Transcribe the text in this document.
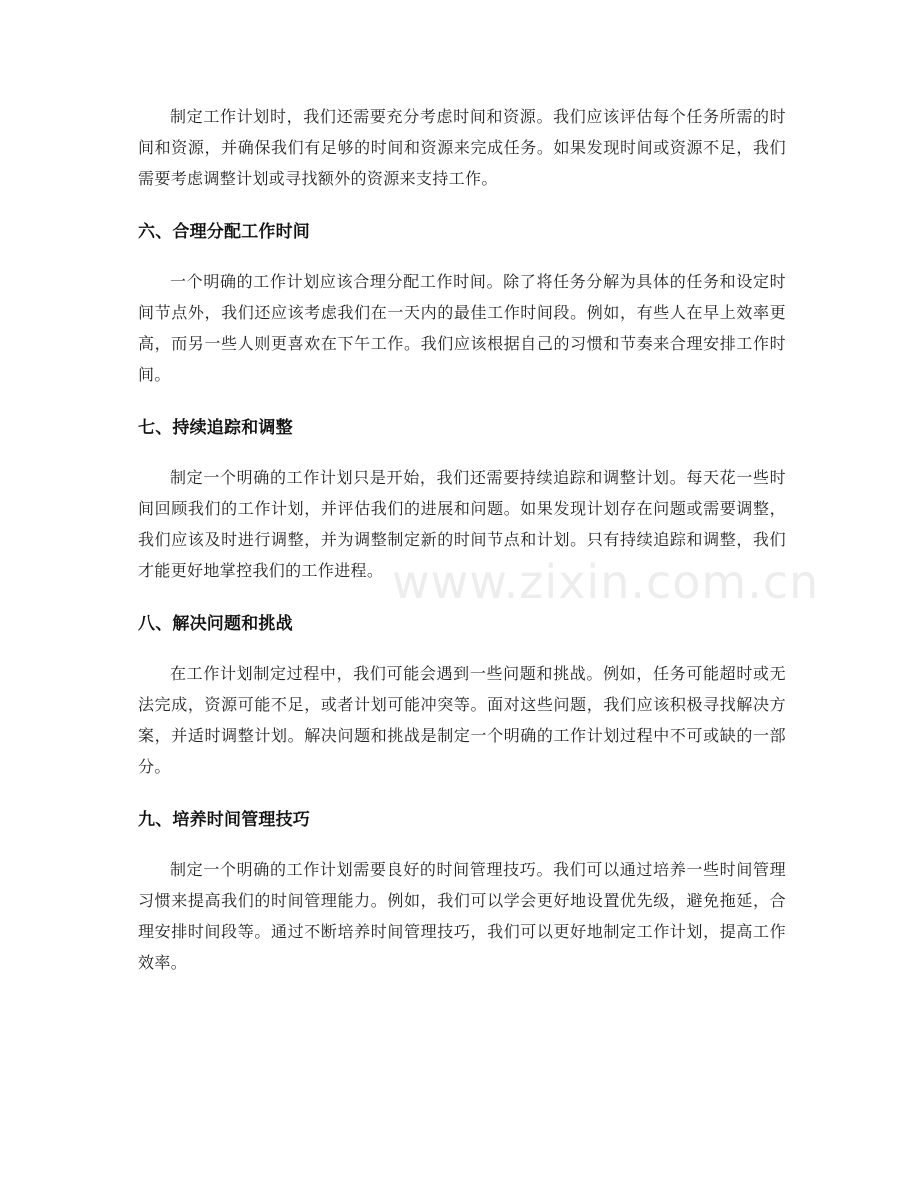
制定工作计划时，我们还需要充分考虑时间和资源。我们应该评估每个任务所需的时间和资源，并确保我们有足够的时间和资源来完成任务。如果发现时间或资源不足，我们需要考虑调整计划或寻找额外的资源来支持工作。

六、合理分配工作时间

一个明确的工作计划应该合理分配工作时间。除了将任务分解为具体的任务和设定时间节点外，我们还应该考虑我们在一天内的最佳工作时间段。例如，有些人在早上效率更高，而另一些人则更喜欢在下午工作。我们应该根据自己的习惯和节奏来合理安排工作时间。

七、持续追踪和调整

制定一个明确的工作计划只是开始，我们还需要持续追踪和调整计划。每天花一些时间回顾我们的工作计划，并评估我们的进展和问题。如果发现计划存在问题或需要调整，我们应该及时进行调整，并为调整制定新的时间节点和计划。只有持续追踪和调整，我们才能更好地掌控我们的工作进程。

八、解决问题和挑战

在工作计划制定过程中，我们可能会遇到一些问题和挑战。例如，任务可能超时或无法完成，资源可能不足，或者计划可能冲突等。面对这些问题，我们应该积极寻找解决方案，并适时调整计划。解决问题和挑战是制定一个明确的工作计划过程中不可或缺的一部分。

九、培养时间管理技巧

制定一个明确的工作计划需要良好的时间管理技巧。我们可以通过培养一些时间管理习惯来提高我们的时间管理能力。例如，我们可以学会更好地设置优先级，避免拖延，合理安排时间段等。通过不断培养时间管理技巧，我们可以更好地制定工作计划，提高工作效率。

www.zixin.com.cn
